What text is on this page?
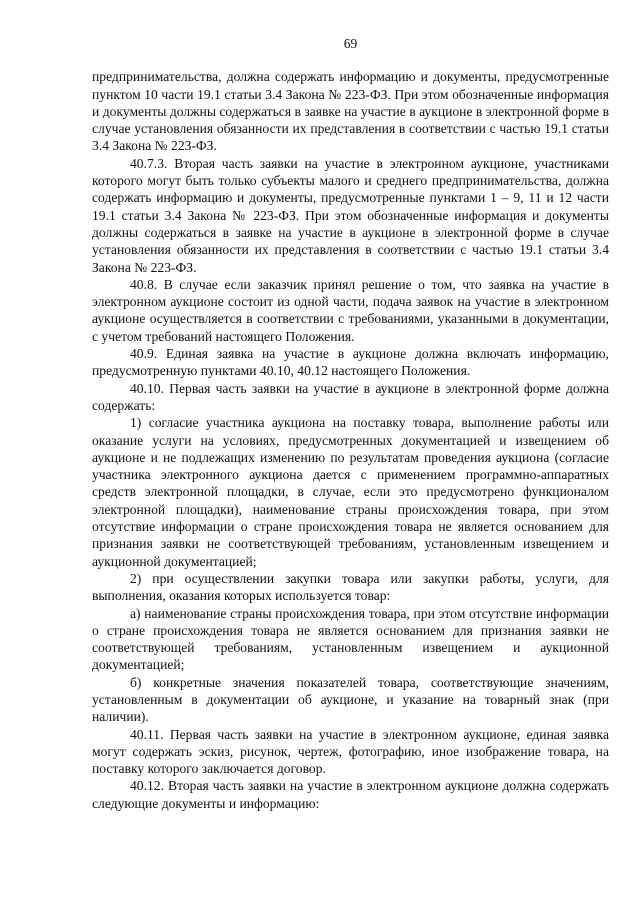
69

предпринимательства, должна содержать информацию и документы, предусмотренные пунктом 10 части 19.1 статьи 3.4 Закона № 223-ФЗ. При этом обозначенные информация и документы должны содержаться в заявке на участие в аукционе в электронной форме в случае установления обязанности их представления в соответствии с частью 19.1 статьи 3.4 Закона № 223-ФЗ.

40.7.3. Вторая часть заявки на участие в электронном аукционе, участниками которого могут быть только субъекты малого и среднего предпринимательства, должна содержать информацию и документы, предусмотренные пунктами 1 – 9, 11 и 12 части 19.1 статьи 3.4 Закона № 223-ФЗ. При этом обозначенные информация и документы должны содержаться в заявке на участие в аукционе в электронной форме в случае установления обязанности их представления в соответствии с частью 19.1 статьи 3.4 Закона № 223-ФЗ.

40.8. В случае если заказчик принял решение о том, что заявка на участие в электронном аукционе состоит из одной части, подача заявок на участие в электронном аукционе осуществляется в соответствии с требованиями, указанными в документации, с учетом требований настоящего Положения.

40.9. Единая заявка на участие в аукционе должна включать информацию, предусмотренную пунктами 40.10, 40.12 настоящего Положения.

40.10. Первая часть заявки на участие в аукционе в электронной форме должна содержать:

1) согласие участника аукциона на поставку товара, выполнение работы или оказание услуги на условиях, предусмотренных документацией и извещением об аукционе и не подлежащих изменению по результатам проведения аукциона (согласие участника электронного аукциона дается с применением программно-аппаратных средств электронной площадки, в случае, если это предусмотрено функционалом электронной площадки), наименование страны происхождения товара, при этом отсутствие информации о стране происхождения товара не является основанием для признания заявки не соответствующей требованиям, установленным извещением и аукционной документацией;

2) при осуществлении закупки товара или закупки работы, услуги, для выполнения, оказания которых используется товар:

а) наименование страны происхождения товара, при этом отсутствие информации о стране происхождения товара не является основанием для признания заявки не соответствующей требованиям, установленным извещением и аукционной документацией;

б) конкретные значения показателей товара, соответствующие значениям, установленным в документации об аукционе, и указание на товарный знак (при наличии).

40.11. Первая часть заявки на участие в электронном аукционе, единая заявка могут содержать эскиз, рисунок, чертеж, фотографию, иное изображение товара, на поставку которого заключается договор.

40.12. Вторая часть заявки на участие в электронном аукционе должна содержать следующие документы и информацию:
